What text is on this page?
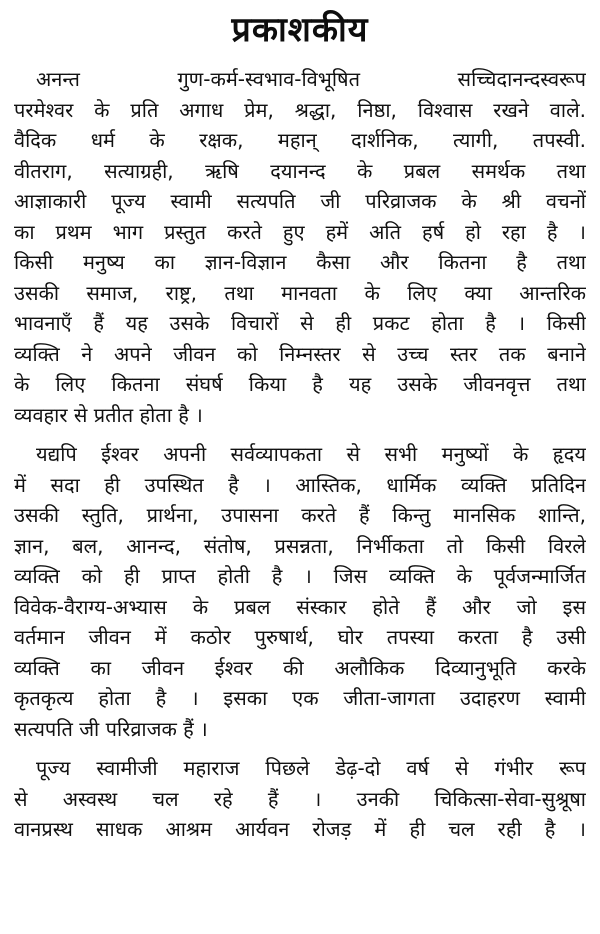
प्रकाशकीय
अनन्त गुण-कर्म-स्वभाव-विभूषित सच्चिदानन्दस्वरूप
परमेश्वर के प्रति अगाध प्रेम, श्रद्धा, निष्ठा, विश्वास रखने वाले.
वैदिक धर्म के रक्षक, महान् दार्शनिक, त्यागी, तपस्वी.
वीतराग, सत्याग्रही, ऋषि दयानन्द के प्रबल समर्थक तथा
आज्ञाकारी पूज्य स्वामी सत्यपति जी परिव्राजक के श्री वचनों
का प्रथम भाग प्रस्तुत करते हुए हमें अति हर्ष हो रहा है ।
किसी मनुष्य का ज्ञान-विज्ञान कैसा और कितना है तथा
उसकी समाज, राष्ट्र, तथा मानवता के लिए क्या आन्तरिक
भावनाएँ हैं यह उसके विचारों से ही प्रकट होता है । किसी
व्यक्ति ने अपने जीवन को निम्नस्तर से उच्च स्तर तक बनाने
के लिए कितना संघर्ष किया है यह उसके जीवनवृत्त तथा
व्यवहार से प्रतीत होता है ।
यद्यपि ईश्वर अपनी सर्वव्यापकता से सभी मनुष्यों के हृदय
में सदा ही उपस्थित है । आस्तिक, धार्मिक व्यक्ति प्रतिदिन
उसकी स्तुति, प्रार्थना, उपासना करते हैं किन्तु मानसिक शान्ति,
ज्ञान, बल, आनन्द, संतोष, प्रसन्नता, निर्भीकता तो किसी विरले
व्यक्ति को ही प्राप्त होती है । जिस व्यक्ति के पूर्वजन्मार्जित
विवेक-वैराग्य-अभ्यास के प्रबल संस्कार होते हैं और जो इस
वर्तमान जीवन में कठोर पुरुषार्थ, घोर तपस्या करता है उसी
व्यक्ति का जीवन ईश्वर की अलौकिक दिव्यानुभूति करके
कृतकृत्य होता है । इसका एक जीता-जागता उदाहरण स्वामी
सत्यपति जी परिव्राजक हैं ।
पूज्य स्वामीजी महाराज पिछले डेढ़-दो वर्ष से गंभीर रूप
से अस्वस्थ चल रहे हैं । उनकी चिकित्सा-सेवा-सुश्रूषा
वानप्रस्थ साधक आश्रम आर्यवन रोजड़ में ही चल रही है ।
